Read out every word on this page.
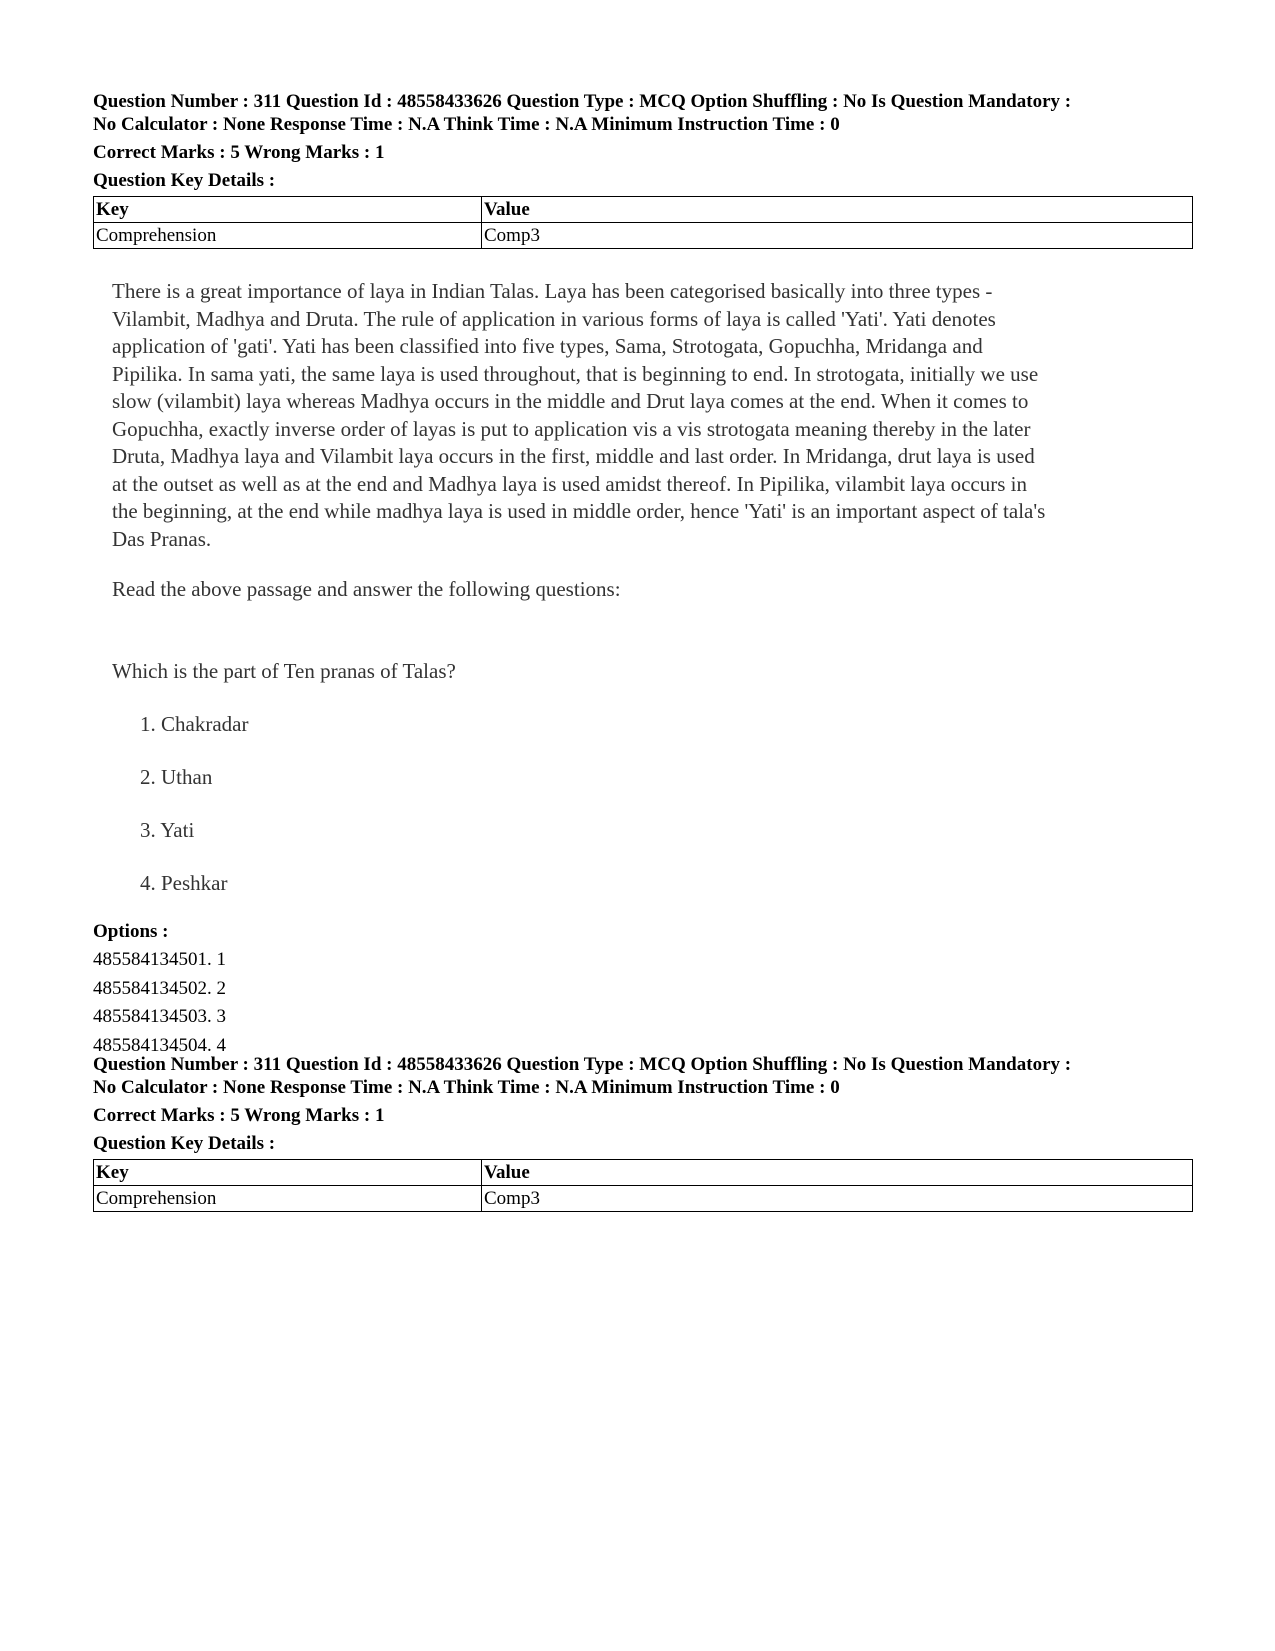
Question Number : 311 Question Id : 48558433626 Question Type : MCQ Option Shuffling : No Is Question Mandatory :
No Calculator : None Response Time : N.A Think Time : N.A Minimum Instruction Time : 0
Correct Marks : 5 Wrong Marks : 1
Question Key Details :
Key	Value
Comprehension	Comp3
There is a great importance of laya in Indian Talas. Laya has been categorised basically into three types -
Vilambit, Madhya and Druta. The rule of application in various forms of laya is called 'Yati'. Yati denotes
application of 'gati'. Yati has been classified into five types, Sama, Strotogata, Gopuchha, Mridanga and
Pipilika. In sama yati, the same laya is used throughout, that is beginning to end. In strotogata, initially we use
slow (vilambit) laya whereas Madhya occurs in the middle and Drut laya comes at the end. When it comes to
Gopuchha, exactly inverse order of layas is put to application vis a vis strotogata meaning thereby in the later
Druta, Madhya laya and Vilambit laya occurs in the first, middle and last order. In Mridanga, drut laya is used
at the outset as well as at the end and Madhya laya is used amidst thereof. In Pipilika, vilambit laya occurs in
the beginning, at the end while madhya laya is used in middle order, hence 'Yati' is an important aspect of tala's
Das Pranas.
Read the above passage and answer the following questions:
Which is the part of Ten pranas of Talas?
1. Chakradar
2. Uthan
3. Yati
4. Peshkar
Options :
485584134501. 1
485584134502. 2
485584134503. 3
485584134504. 4
Question Number : 311 Question Id : 48558433626 Question Type : MCQ Option Shuffling : No Is Question Mandatory :
No Calculator : None Response Time : N.A Think Time : N.A Minimum Instruction Time : 0
Correct Marks : 5 Wrong Marks : 1
Question Key Details :
Key	Value
Comprehension	Comp3
